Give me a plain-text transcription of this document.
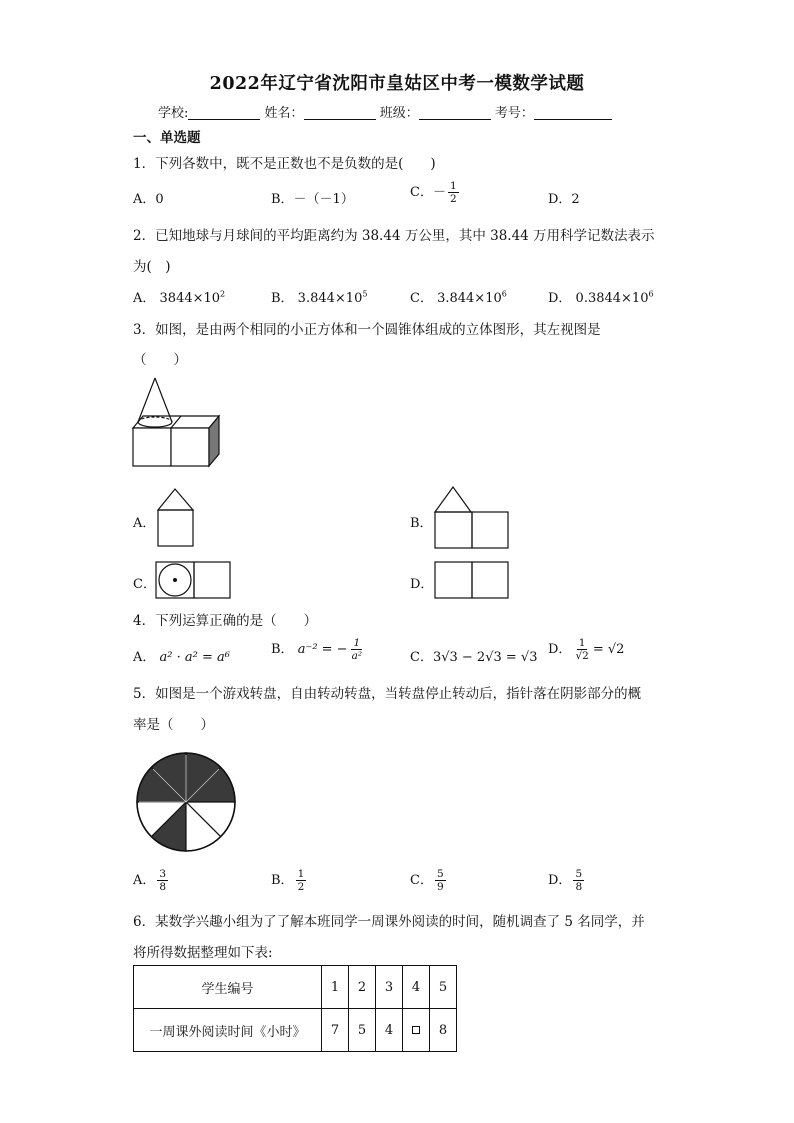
2022年辽宁省沈阳市皇姑区中考一模数学试题
学校:	姓名：	班级：	考号：
一、单选题
1．下列各数中，既不是正数也不是负数的是(　　)
A．0	B．－（－1）	C．－ $\frac{1}{2}$	D．2
2．已知地球与月球间的平均距离约为 38.44 万公里，其中 38.44 万用科学记数法表示
为(　)
A． $3844\times 10^2$	B． $3.844\times 10^5$	C． $3.844\times 10^6$	D． $0.3844\times 10^6$
3．如图，是由两个相同的小正方体和一个圆锥体组成的立体图形，其左视图是
（　　）
A．	B．
C．	D．
4．下列运算正确的是（　　）
A． a² · a² = a⁶
B． a⁻² = − $\frac{1}{\text{a²}}$	C．3√3 − 2√3 = √3
D． $\frac{1}{√2} = √2$
5．如图是一个游戏转盘，自由转动转盘，当转盘停止转动后，指针落在阴影部分的概
率是（　　）
A． $\frac{3}{8}$	B． $\frac{1}{2}$	C． $\frac{5}{9}$	D． $\frac{5}{8}$
6．某数学兴趣小组为了了解本班同学一周课外阅读的时间，随机调查了 5 名同学，并
将所得数据整理如下表:
学生编号	1	2	3	4	5
一周课外阅读时间《小时》	7	5	4		8
